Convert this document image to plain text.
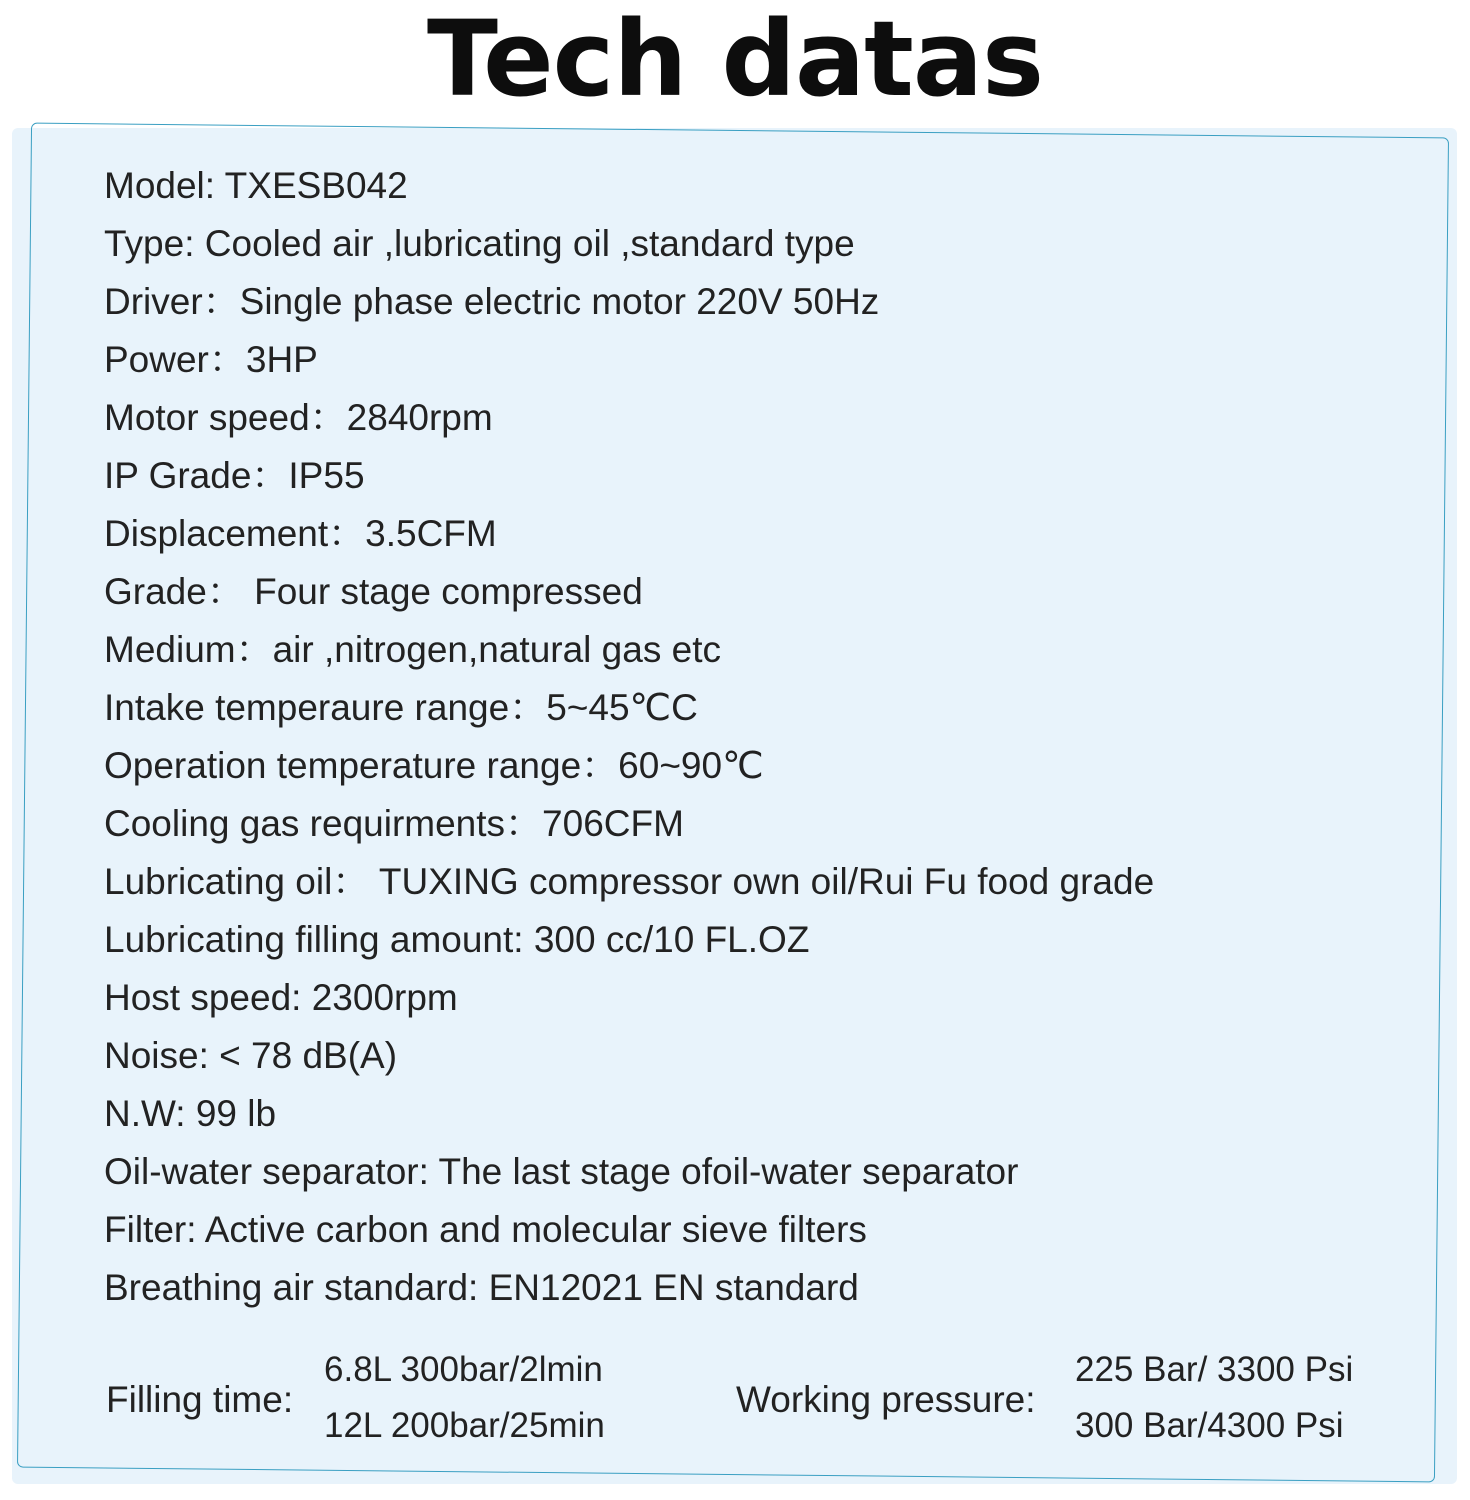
Tech datas
Model: TXESB042
Type: Cooled air ,lubricating oil ,standard type
Driver：Single phase electric motor 220V 50Hz
Power：3HP
Motor speed：2840rpm
IP Grade：IP55
Displacement：3.5CFM
Grade： Four stage compressed
Medium：air ,nitrogen,natural gas etc
Intake temperaure range：5~45℃C
Operation temperature range：60~90℃
Cooling gas requirments：706CFM
Lubricating oil： TUXING compressor own oil/Rui Fu food grade
Lubricating filling amount: 300 cc/10 FL.OZ
Host speed: 2300rpm
Noise: < 78 dB(A)
N.W: 99 lb
Oil-water separator: The last stage ofoil-water separator
Filter: Active carbon and molecular sieve filters
Breathing air standard: EN12021 EN standard
Filling time:
6.8L 300bar/2lmin
12L 200bar/25min
Working pressure:
225 Bar/ 3300 Psi
300 Bar/4300 Psi
